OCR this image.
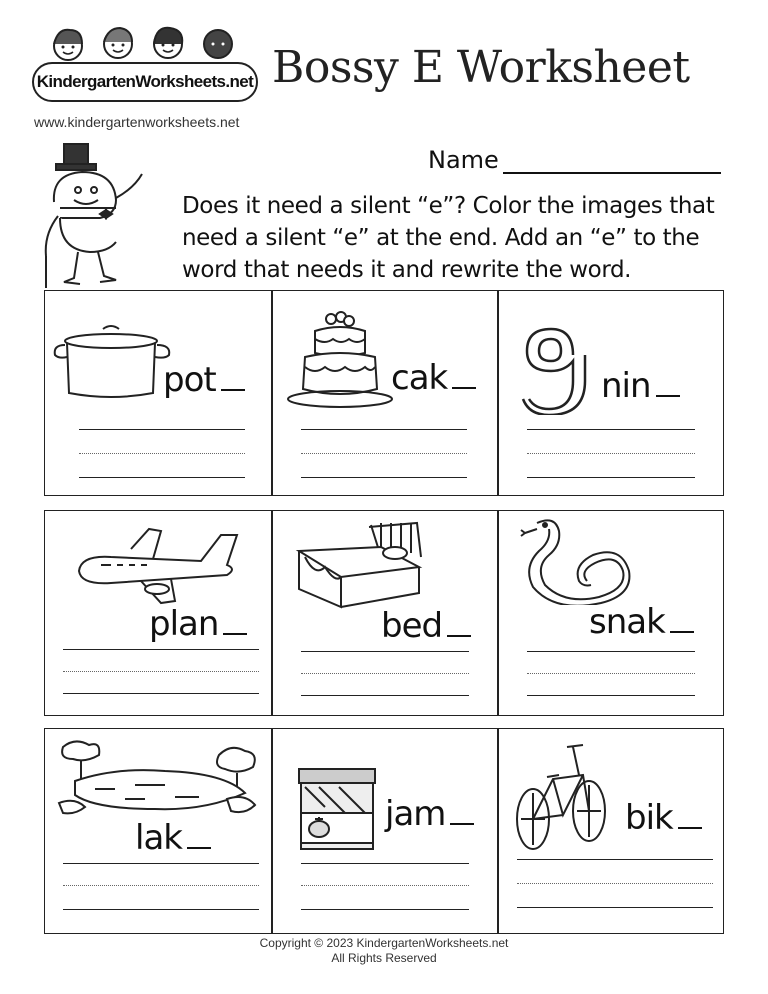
KindergartenWorksheets.net Bossy E Worksheet
www.kindergartenworksheets.net
Name
Does it need a silent “e”? Color the images that need a silent “e” at the end. Add an “e” to the word that needs it and rewrite the word.
pot	cak	nin
plan	bed	snak
lak
jam	bik
Copyright © 2023 KindergartenWorksheets.net
All Rights Reserved
